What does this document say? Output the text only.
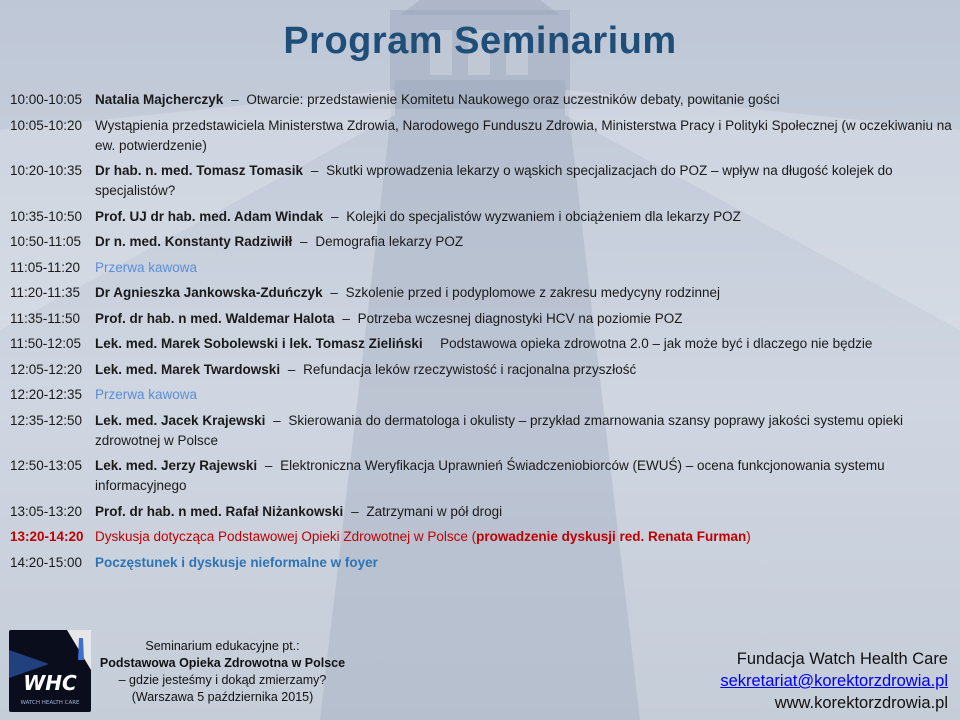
Program Seminarium
10:00-10:05 Natalia Majcherczyk – Otwarcie: przedstawienie Komitetu Naukowego oraz uczestników debaty, powitanie gości
10:05-10:20 Wystąpienia przedstawiciela Ministerstwa Zdrowia, Narodowego Funduszu Zdrowia, Ministerstwa Pracy i Polityki Społecznej (w oczekiwaniu na ew. potwierdzenie)
10:20-10:35 Dr hab. n. med. Tomasz Tomasik – Skutki wprowadzenia lekarzy o wąskich specjalizacjach do POZ – wpływ na długość kolejek do specjalistów?
10:35-10:50 Prof. UJ dr hab. med. Adam Windak – Kolejki do specjalistów wyzwaniem i obciążeniem dla lekarzy POZ
10:50-11:05	Dr n. med. Konstanty Radziwiłł – Demografia lekarzy POZ
11:05-11:20	Przerwa kawowa
11:20-11:35	Dr Agnieszka Jankowska-Zduńczyk – Szkolenie przed i podyplomowe z zakresu medycyny rodzinnej
11:35-11:50	Prof. dr hab. n med. Waldemar Halota – Potrzeba wczesnej diagnostyki HCV na poziomie POZ
11:50-12:05	Lek. med. Marek Sobolewski i lek. Tomasz Zieliński Podstawowa opieka zdrowotna 2.0 – jak może być i dlaczego nie będzie
12:05-12:20 Lek. med. Marek Twardowski – Refundacja leków rzeczywistość i racjonalna przyszłość
12:20-12:35 Przerwa kawowa
12:35-12:50 Lek. med. Jacek Krajewski – Skierowania do dermatologa i okulisty – przykład zmarnowania szansy poprawy jakości systemu opieki zdrowotnej w Polsce
12:50-13:05 Lek. med. Jerzy Rajewski – Elektroniczna Weryfikacja Uprawnień Świadczeniobiorców (EWUŚ) – ocena funkcjonowania systemu informacyjnego
13:05-13:20 Prof. dr hab. n med. Rafał Niżankowski – Zatrzymani w pół drogi
13:20-14:20 Dyskusja dotycząca Podstawowej Opieki Zdrowotnej w Polsce (prowadzenie dyskusji red. Renata Furman)
14:20-15:00 Poczęstunek i dyskusje nieformalne w foyer
WHC
WATCH HEALTH CARE
Seminarium edukacyjne pt.:
Podstawowa Opieka Zdrowotna w Polsce
– gdzie jesteśmy i dokąd zmierzamy?
(Warszawa 5 października 2015)
Fundacja Watch Health Care
sekretariat@korektorzdrowia.pl
www.korektorzdrowia.pl
